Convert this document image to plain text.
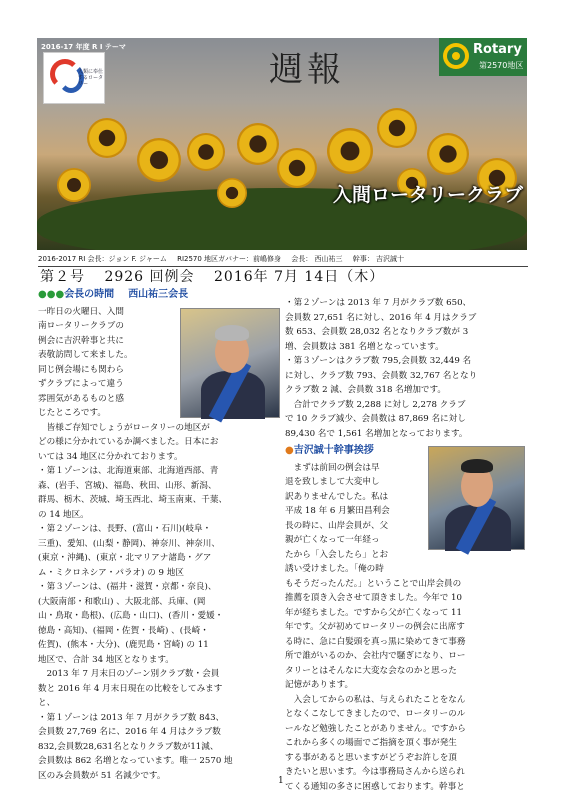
2016-17 年度 R I テーマ
人類に奉仕するロータリー	週報
Rotary
第2570地区
入間ロータリークラブ
2016-2017 RI 会長：ジョン F. ジャーム RI2570 地区ガバナー：前嶋修身 会長： 西山祐三 幹事： 吉沢誠十
第２号 2926 回例会 2016年 7月 14日（木）
●●●会長の時間 西山祐三会長

一昨日の火曜日、入間

南ロータリークラブの

例会に吉沢幹事と共に

表敬訪問して来ました。

同じ例会場にも関わら

ずクラブによって違う

雰囲気があるものと感

じたところです。

　皆様ご存知でしょうがロータリーの地区が

どの様に分かれているか調べました。日本にお

いては 34 地区に分かれております。

・第１ゾーンは、北海道東部、北海道西部、青

森、(岩手、宮城)、福島、秋田、山形、新潟、

群馬、栃木、茨城、埼玉西北、埼玉南東、千葉、

の 14 地区。

・第２ゾーンは、長野、(富山・石川)(岐阜・

三重)、愛知、(山梨・静岡)、神奈川、神奈川、

(東京・沖縄)、(東京・北マリアナ諸島・グア

ム・ミクロネシア・パラオ) の 9 地区

・第３ゾーンは、(福井・滋賀・京都・奈良)、

(大阪南部・和歌山) 、大阪北部、兵庫、(岡

山・鳥取・島根)、(広島・山口)、(香川・愛媛・

徳島・高知)、(福岡・佐賀・長崎) 、(長崎・

佐賀)、(熊本・大分)、(鹿児島・宮崎) の 11

地区で、合計 34 地区となります。

　2013 年 7 月末日のゾーン別クラブ数・会員

数と 2016 年 4 月末日現在の比較をしてみます

と、

・第１ゾーンは 2013 年 7 月がクラブ数 843、

会員数 27,769 名に、2016 年 4 月はクラブ数

832,会員数28,631名となりクラブ数が11減、

会員数は 862 名増となっています。唯一 2570 地

区のみ会員数が 51 名減少です。

・第２ゾーンは 2013 年 7 月がクラブ数 650、

会員数 27,651 名に対し、2016 年 4 月はクラブ

数 653、会員数 28,032 名となりクラブ数が 3

増、会員数は 381 名増となっています。

・第３ゾーンはクラブ数 795,会員数 32,449 名

に対し、クラブ数 793、会員数 32,767 名となり

クラブ数 2 減、会員数 318 名増加です。

　合計でクラブ数 2,288 に対し 2,278 クラブ

で 10 クラブ減少、会員数は 87,869 名に対し

89,430 名で 1,561 名増加となっております。

●吉沢誠十幹事挨拶

　まずは前回の例会は早

退を致しまして大変申し

訳ありませんでした。私は

平成 18 年 6 月繁田昌利会

長の時に、山岸会員が、父

親が亡くなって一年経っ

たから「入会したら」とお

誘い受けました。「俺の時

もそうだったんだ。」ということで山岸会員の

推薦を頂き入会させて頂きました。今年で 10

年が経ちました。ですから父が亡くなって 11

年です。父が初めてロータリーの例会に出席す

る時に、急に白髪頭を真っ黒に染めてきて事務

所で誰がいるのか、会社内で騒ぎになり、ロー

タリーとはそんなに大変な会なのかと思った

記憶があります。

　入会してからの私は、与えられたことをなん

となくこなしてきましたので、ロータリーのル

ールなど勉強したことがありません。ですから

これから多くの場面でご指摘を頂く事が発生

する事があると思いますがどうぞお許しを頂

きたいと思います。今は事務局さんから送られ

てくる通知の多さに困惑しております。幹事と

1
